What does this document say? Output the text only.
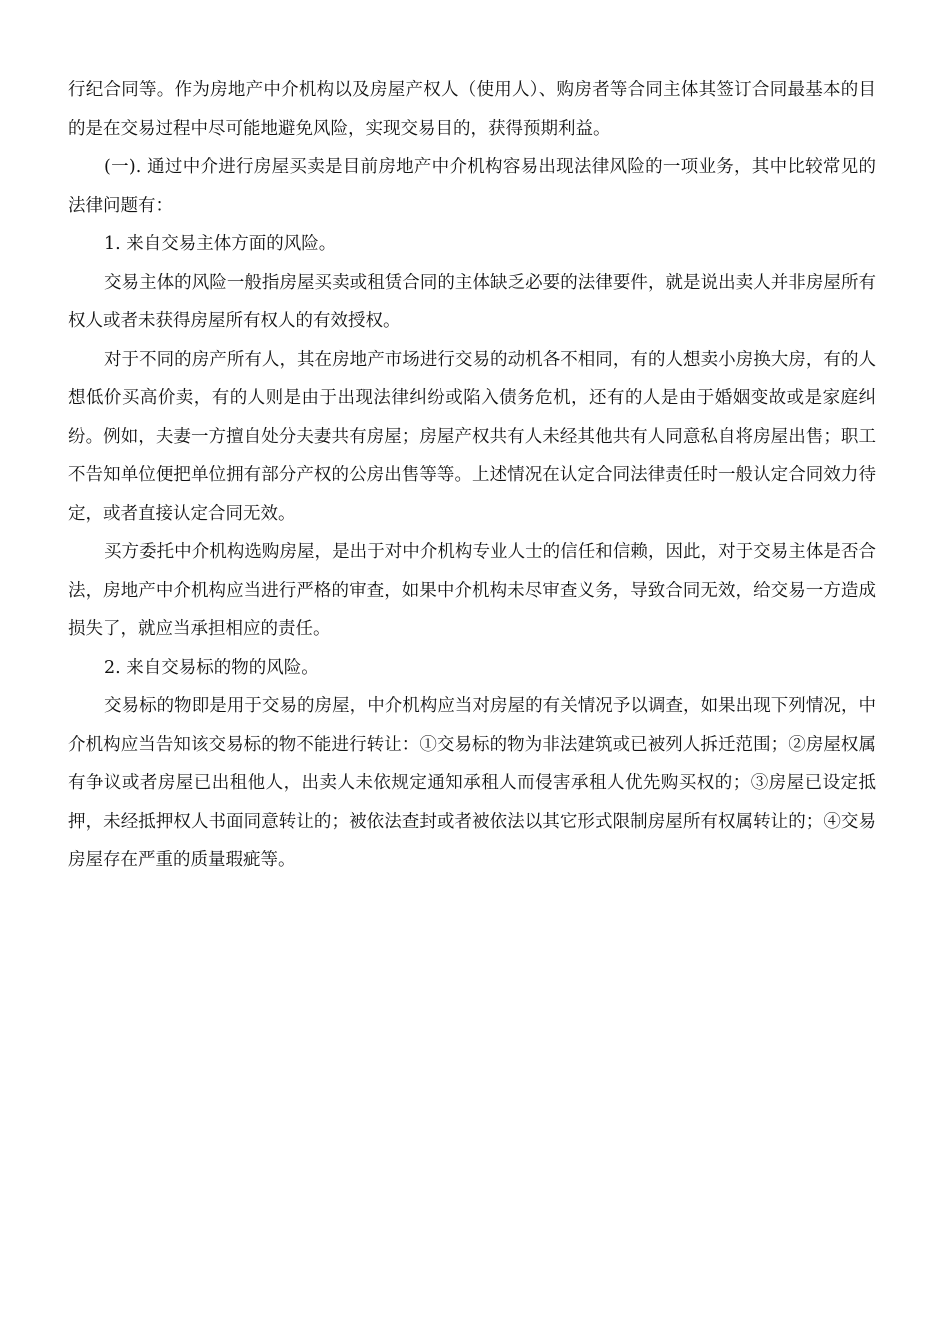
行纪合同等。作为房地产中介机构以及房屋产权人（使用人）、购房者等合同主体其签订合同最基本的目的是在交易过程中尽可能地避免风险，实现交易目的，获得预期利益。

(一). 通过中介进行房屋买卖是目前房地产中介机构容易出现法律风险的一项业务，其中比较常见的法律问题有：

1. 来自交易主体方面的风险。

交易主体的风险一般指房屋买卖或租赁合同的主体缺乏必要的法律要件，就是说出卖人并非房屋所有权人或者未获得房屋所有权人的有效授权。

对于不同的房产所有人，其在房地产市场进行交易的动机各不相同，有的人想卖小房换大房，有的人想低价买高价卖，有的人则是由于出现法律纠纷或陷入债务危机，还有的人是由于婚姻变故或是家庭纠纷。例如，夫妻一方擅自处分夫妻共有房屋；房屋产权共有人未经其他共有人同意私自将房屋出售；职工不告知单位便把单位拥有部分产权的公房出售等等。上述情况在认定合同法律责任时一般认定合同效力待定，或者直接认定合同无效。

买方委托中介机构选购房屋，是出于对中介机构专业人士的信任和信赖，因此，对于交易主体是否合法，房地产中介机构应当进行严格的审查，如果中介机构未尽审查义务，导致合同无效，给交易一方造成损失了，就应当承担相应的责任。

2. 来自交易标的物的风险。

交易标的物即是用于交易的房屋，中介机构应当对房屋的有关情况予以调查，如果出现下列情况，中介机构应当告知该交易标的物不能进行转让：①交易标的物为非法建筑或已被列人拆迁范围；②房屋权属有争议或者房屋已出租他人，出卖人未依规定通知承租人而侵害承租人优先购买权的；③房屋已设定抵押，未经抵押权人书面同意转让的；被依法查封或者被依法以其它形式限制房屋所有权属转让的；④交易房屋存在严重的质量瑕疵等。
